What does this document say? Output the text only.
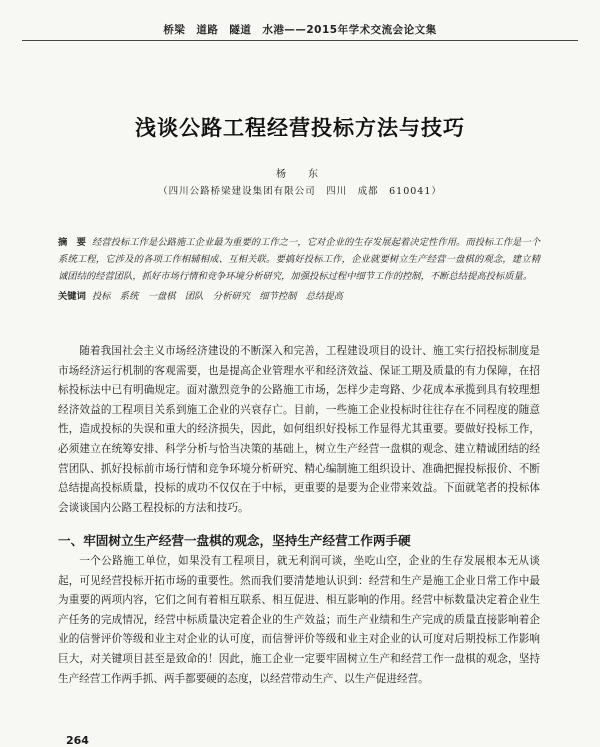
桥梁　道路　隧道　水港——2015年学术交流会论文集
浅谈公路工程经营投标方法与技巧
杨　东
（四川公路桥梁建设集团有限公司　四川　成都　610041）
摘　要 经营投标工作是公路施工企业最为重要的工作之一，它对企业的生存发展起着决定性作用。而投标工作是一个系统工程，它涉及的各项工作相辅相成、互相关联。要搞好投标工作，企业就要树立生产经营一盘棋的观念，建立精诚团结的经营团队，抓好市场行情和竞争环境分析研究，加强投标过程中细节工作的控制，不断总结提高投标质量。
关键词 投标　系统　一盘棋　团队　分析研究　细节控制　总结提高
随着我国社会主义市场经济建设的不断深入和完善，工程建设项目的设计、施工实行招投标制度是市场经济运行机制的客观需要，也是提高企业管理水平和经济效益、保证工期及质量的有力保障，在招标投标法中已有明确规定。面对激烈竞争的公路施工市场，怎样少走弯路、少花成本承揽到具有较理想经济效益的工程项目关系到施工企业的兴衰存亡。目前，一些施工企业投标时往往存在不同程度的随意性，造成投标的失误和重大的经济损失，因此，如何组织好投标工作显得尤其重要。要做好投标工作，必须建立在统筹安排、科学分析与恰当决策的基础上，树立生产经营一盘棋的观念、建立精诚团结的经营团队、抓好投标前市场行情和竞争环境分析研究、精心编制施工组织设计、准确把握投标报价、不断总结提高投标质量，投标的成功不仅仅在于中标，更重要的是要为企业带来效益。下面就笔者的投标体会谈谈国内公路工程投标的方法和技巧。
一、牢固树立生产经营一盘棋的观念，坚持生产经营工作两手硬
一个公路施工单位，如果没有工程项目，就无利润可谈，坐吃山空，企业的生存发展根本无从谈起，可见经营投标开拓市场的重要性。然而我们要清楚地认识到：经营和生产是施工企业日常工作中最为重要的两项内容，它们之间有着相互联系、相互促进、相互影响的作用。经营中标数量决定着企业生产任务的完成情况，经营中标质量决定着企业的生产效益；而生产业绩和生产完成的质量直接影响着企业的信誉评价等级和业主对企业的认可度，而信誉评价等级和业主对企业的认可度对后期投标工作影响巨大，对关键项目甚至是致命的！因此，施工企业一定要牢固树立生产和经营工作一盘棋的观念，坚持生产经营工作两手抓、两手都要硬的态度，以经营带动生产、以生产促进经营。
264
